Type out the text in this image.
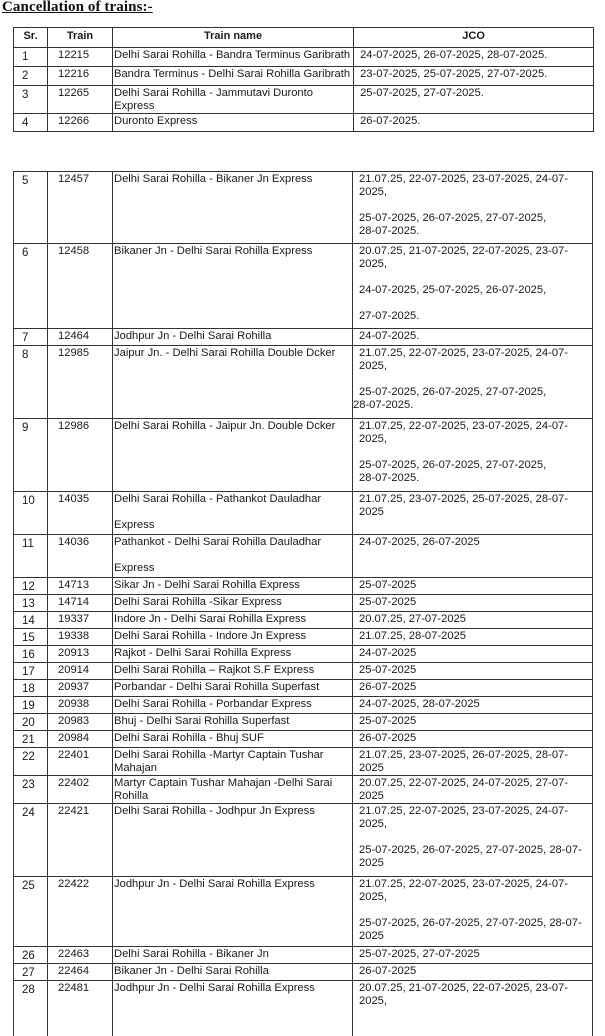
Cancellation of trains:-
Sr.	Train	Train name	JCO
1	12215	Delhi Sarai Rohilla - Bandra Terminus Garibrath	24-07-2025, 26-07-2025, 28-07-2025.

2	12216	Bandra Terminus - Delhi Sarai Rohilla Garibrath	23-07-2025, 25-07-2025, 27-07-2025.

3	12265	Delhi Sarai Rohilla - Jammutavi Duronto
Express	25-07-2025, 27-07-2025.

4	12266	Duronto Express	26-07-2025.
5	12457	Delhi Sarai Rohilla - Bikaner Jn Express	21.07.25, 22-07-2025, 23-07-2025, 24-07-
2025,
25-07-2025, 26-07-2025, 27-07-2025,
28-07-2025.

6	12458	Bikaner Jn - Delhi Sarai Rohilla Express	20.07.25, 21-07-2025, 22-07-2025, 23-07-
2025,
24-07-2025, 25-07-2025, 26-07-2025,
27-07-2025.

7	12464	Jodhpur Jn - Delhi Sarai Rohilla	24-07-2025.

8	12985	Jaipur Jn. - Delhi Sarai Rohilla Double Dcker	21.07.25, 22-07-2025, 23-07-2025, 24-07-
2025,
25-07-2025, 26-07-2025, 27-07-2025,
28-07-2025.

9	12986	Delhi Sarai Rohilla - Jaipur Jn. Double Dcker	21.07.25, 22-07-2025, 23-07-2025, 24-07-
2025,
25-07-2025, 26-07-2025, 27-07-2025,
28-07-2025.

10	14035	Delhi Sarai Rohilla - Pathankot Dauladhar
Express	21.07.25, 23-07-2025, 25-07-2025, 28-07-
2025

11	14036	Pathankot - Delhi Sarai Rohilla Dauladhar
Express	24-07-2025, 26-07-2025

12	14713	Sikar Jn - Delhi Sarai Rohilla Express	25-07-2025

13	14714	Delhi Sarai Rohilla -Sikar Express	25-07-2025

14	19337	Indore Jn - Delhi Sarai Rohilla Express	20.07.25, 27-07-2025

15	19338	Delhi Sarai Rohilla - Indore Jn Express	21.07.25, 28-07-2025

16	20913	Rajkot - Delhi Sarai Rohilla Express	24-07-2025

17	20914	Delhi Sarai Rohilla – Rajkot S.F Express	25-07-2025

18	20937	Porbandar - Delhi Sarai Rohilla Superfast	26-07-2025

19	20938	Delhi Sarai Rohilla - Porbandar Express	24-07-2025, 28-07-2025

20	20983	Bhuj - Delhi Sarai Rohilla Superfast	25-07-2025

21	20984	Delhi Sarai Rohilla - Bhuj SUF	26-07-2025

22	22401	Delhi Sarai Rohilla -Martyr Captain Tushar
Mahajan	21.07.25, 23-07-2025, 26-07-2025, 28-07-
2025

23	22402	Martyr Captain Tushar Mahajan -Delhi Sarai
Rohilla	20.07.25, 22-07-2025, 24-07-2025, 27-07-
2025

24	22421	Delhi Sarai Rohilla - Jodhpur Jn Express	21.07.25, 22-07-2025, 23-07-2025, 24-07-
2025,
25-07-2025, 26-07-2025, 27-07-2025, 28-07-
2025

25	22422	Jodhpur Jn - Delhi Sarai Rohilla Express	21.07.25, 22-07-2025, 23-07-2025, 24-07-
2025,
25-07-2025, 26-07-2025, 27-07-2025, 28-07-
2025

26	22463	Delhi Sarai Rohilla - Bikaner Jn	25-07-2025, 27-07-2025

27	22464	Bikaner Jn - Delhi Sarai Rohilla	26-07-2025

28	22481	Jodhpur Jn - Delhi Sarai Rohilla Express	20.07.25, 21-07-2025, 22-07-2025, 23-07-
2025,
